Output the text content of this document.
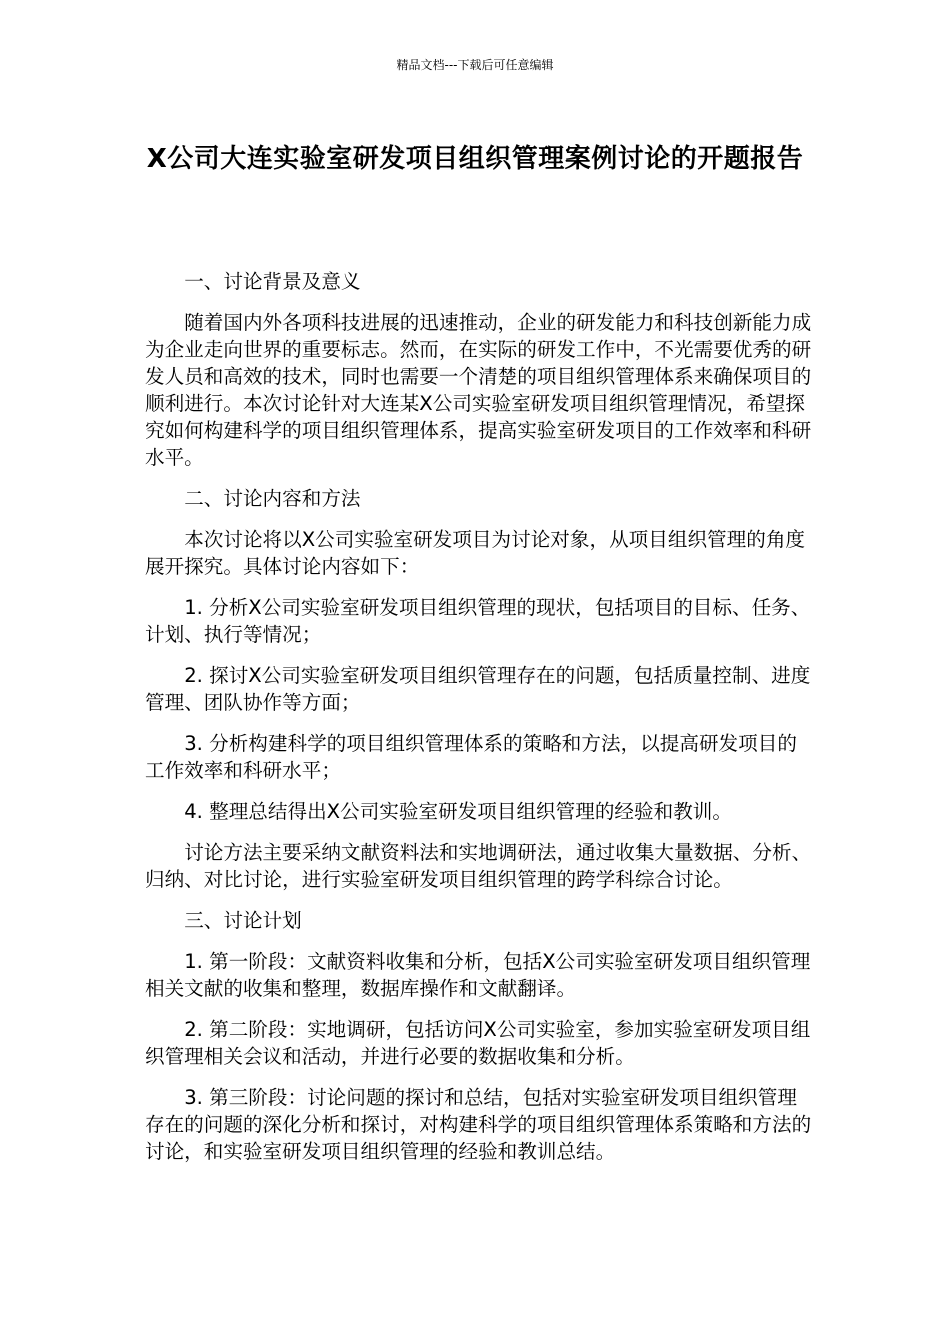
精品文档---下载后可任意编辑
X公司大连实验室研发项目组织管理案例讨论的开题报告

一、讨论背景及意义

随着国内外各项科技进展的迅速推动，企业的研发能力和科技创新能力成为企业走向世界的重要标志。然而，在实际的研发工作中，不光需要优秀的研发人员和高效的技术，同时也需要一个清楚的项目组织管理体系来确保项目的顺利进行。本次讨论针对大连某X公司实验室研发项目组织管理情况，希望探究如何构建科学的项目组织管理体系，提高实验室研发项目的工作效率和科研水平。

二、讨论内容和方法

本次讨论将以X公司实验室研发项目为讨论对象，从项目组织管理的角度展开探究。具体讨论内容如下：

1. 分析X公司实验室研发项目组织管理的现状，包括项目的目标、任务、计划、执行等情况；

2. 探讨X公司实验室研发项目组织管理存在的问题，包括质量控制、进度管理、团队协作等方面；

3. 分析构建科学的项目组织管理体系的策略和方法，以提高研发项目的工作效率和科研水平；

4. 整理总结得出X公司实验室研发项目组织管理的经验和教训。

讨论方法主要采纳文献资料法和实地调研法，通过收集大量数据、分析、归纳、对比讨论，进行实验室研发项目组织管理的跨学科综合讨论。

三、讨论计划

1. 第一阶段：文献资料收集和分析，包括X公司实验室研发项目组织管理相关文献的收集和整理，数据库操作和文献翻译。

2. 第二阶段：实地调研，包括访问X公司实验室，参加实验室研发项目组织管理相关会议和活动，并进行必要的数据收集和分析。

3. 第三阶段：讨论问题的探讨和总结，包括对实验室研发项目组织管理存在的问题的深化分析和探讨，对构建科学的项目组织管理体系策略和方法的讨论，和实验室研发项目组织管理的经验和教训总结。
